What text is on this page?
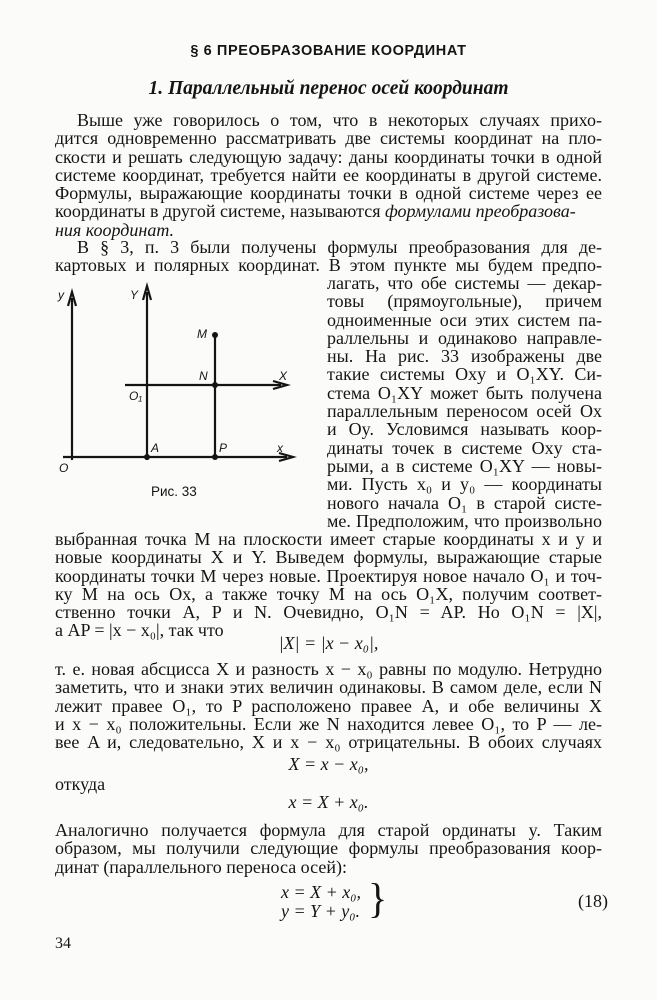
§ 6 ПРЕОБРАЗОВАНИЕ КООРДИНАТ
1. Параллельный перенос осей координат
Выше уже говорилось о том, что в некоторых случаях прихо-
дится одновременно рассматривать две системы координат на пло-
скости и решать следующую задачу: даны координаты точки в одной
системе координат, требуется найти ее координаты в другой системе.
Формулы, выражающие координаты точки в одной системе через ее
координаты в другой системе, называются формулами преобразова-
ния координат.
В § 3, п. 3 были получены формулы преобразования для де-
картовых и полярных координат. В этом пункте мы будем предпо-
лагать, что обе системы — декар-
товы (прямоугольные), причем
одноименные оси этих систем па-
раллельны и одинаково направле-
ны. На рис. 33 изображены две
такие системы Oxy и O₁XY. Си-
стема O₁XY может быть получена
параллельным переносом осей Ox
и Oy. Условимся называть коор-
динаты точек в системе Oxy ста-
рыми, а в системе O₁XY — новы-
ми. Пусть x₀ и y₀ — координаты
нового начала O₁ в старой систе-
ме. Предположим, что произвольно
y	Y
M
N	X
O₁
A	P	x
O
Рис. 33
выбранная точка M на плоскости имеет старые координаты x и y и
новые координаты X и Y. Выведем формулы, выражающие старые
координаты точки M через новые. Проектируя новое начало O₁ и точ-
ку M на ось Ox, а также точку M на ось O₁X, получим соответ-
ственно точки A, P и N. Очевидно, O₁N = AP. Но O₁N = |X|,
а AP = |x − x₀|, так что
|X| = |x − x₀|,
т. е. новая абсцисса X и разность x − x₀ равны по модулю. Нетрудно
заметить, что и знаки этих величин одинаковы. В самом деле, если N
лежит правее O₁, то P расположено правее A, и обе величины X
и x − x₀ положительны. Если же N находится левее O₁, то P — ле-
вее A и, следовательно, X и x − x₀ отрицательны. В обоих случаях
X = x − x₀,
откуда
x = X + x₀.
Аналогично получается формула для старой ординаты y. Таким
образом, мы получили следующие формулы преобразования коор-
динат (параллельного переноса осей):
x = X + x₀,
y = Y + y₀. }	(18)
34
